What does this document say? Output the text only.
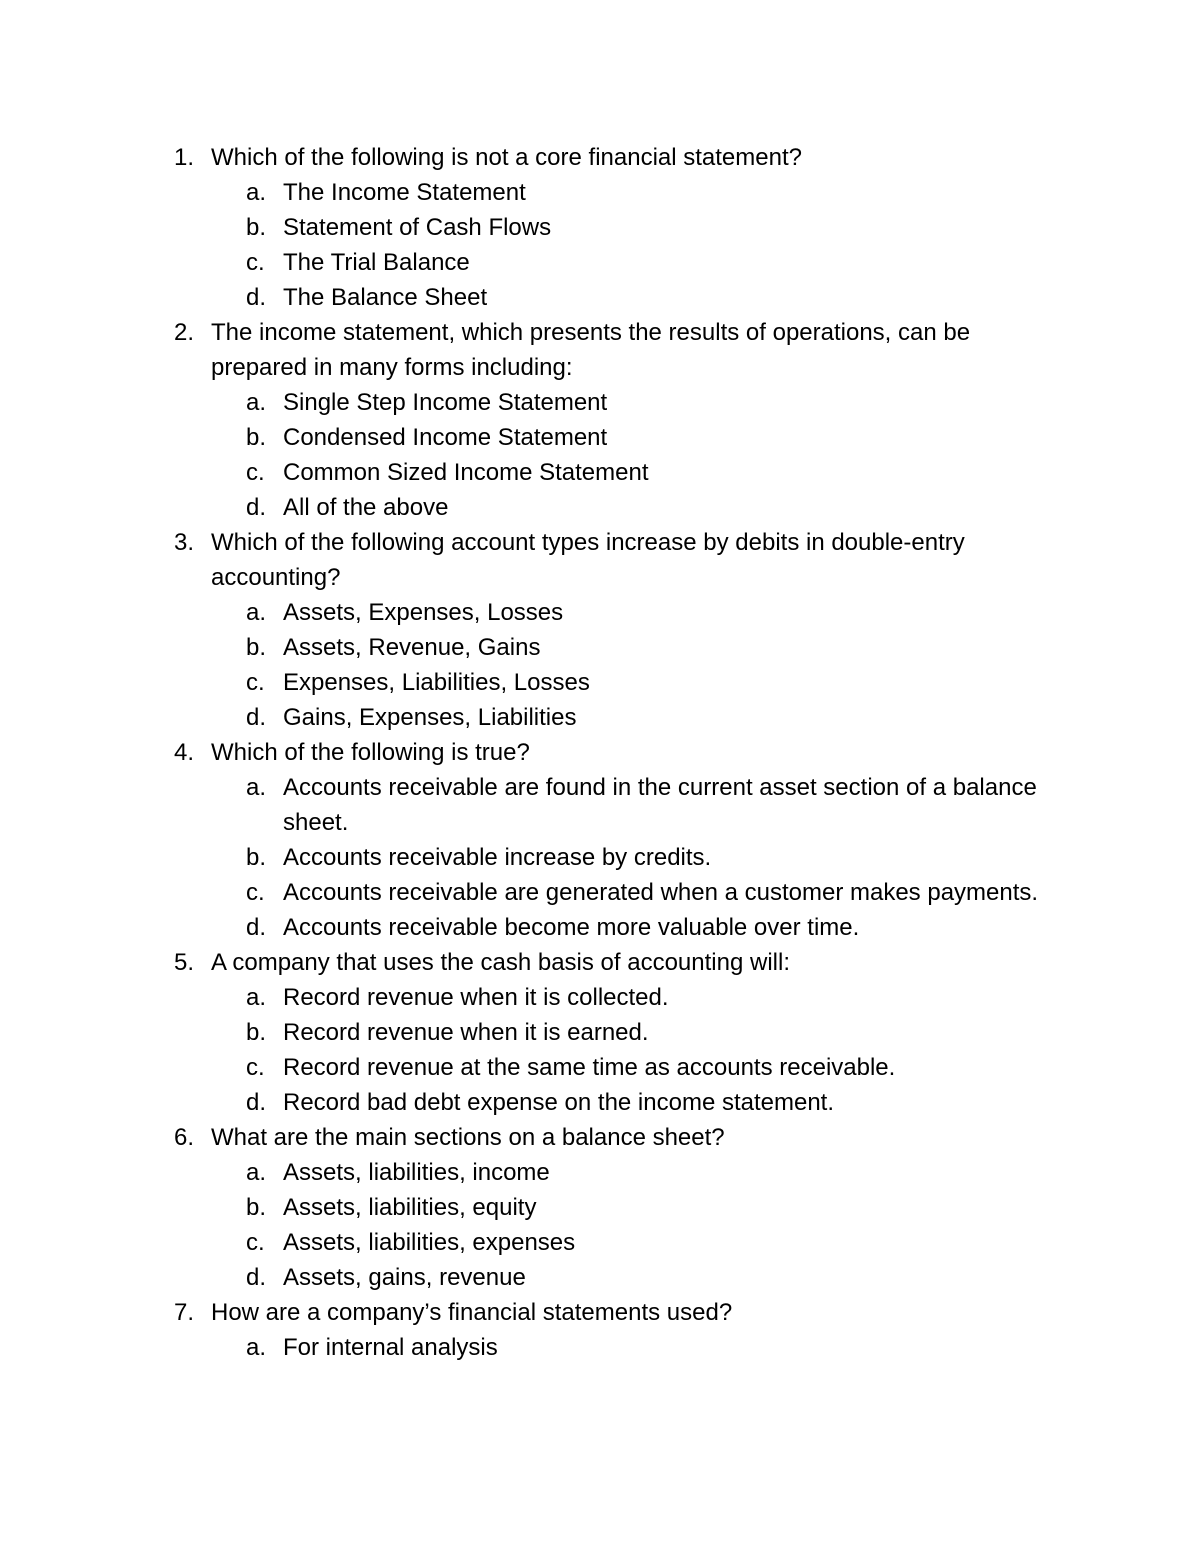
1. Which of the following is not a core financial statement?
a. The Income Statement
b. Statement of Cash Flows
c. The Trial Balance
d. The Balance Sheet
2. The income statement, which presents the results of operations, can be prepared in many forms including:
a. Single Step Income Statement
b. Condensed Income Statement
c. Common Sized Income Statement
d. All of the above
3. Which of the following account types increase by debits in double-entry accounting?
a. Assets, Expenses, Losses
b. Assets, Revenue, Gains
c. Expenses, Liabilities, Losses
d. Gains, Expenses, Liabilities
4. Which of the following is true?
a. Accounts receivable are found in the current asset section of a balance sheet.
b. Accounts receivable increase by credits.
c. Accounts receivable are generated when a customer makes payments.
d. Accounts receivable become more valuable over time.
5. A company that uses the cash basis of accounting will:
a. Record revenue when it is collected.
b. Record revenue when it is earned.
c. Record revenue at the same time as accounts receivable.
d. Record bad debt expense on the income statement.
6. What are the main sections on a balance sheet?
a. Assets, liabilities, income
b. Assets, liabilities, equity
c. Assets, liabilities, expenses
d. Assets, gains, revenue
7. How are a company’s financial statements used?
a. For internal analysis
